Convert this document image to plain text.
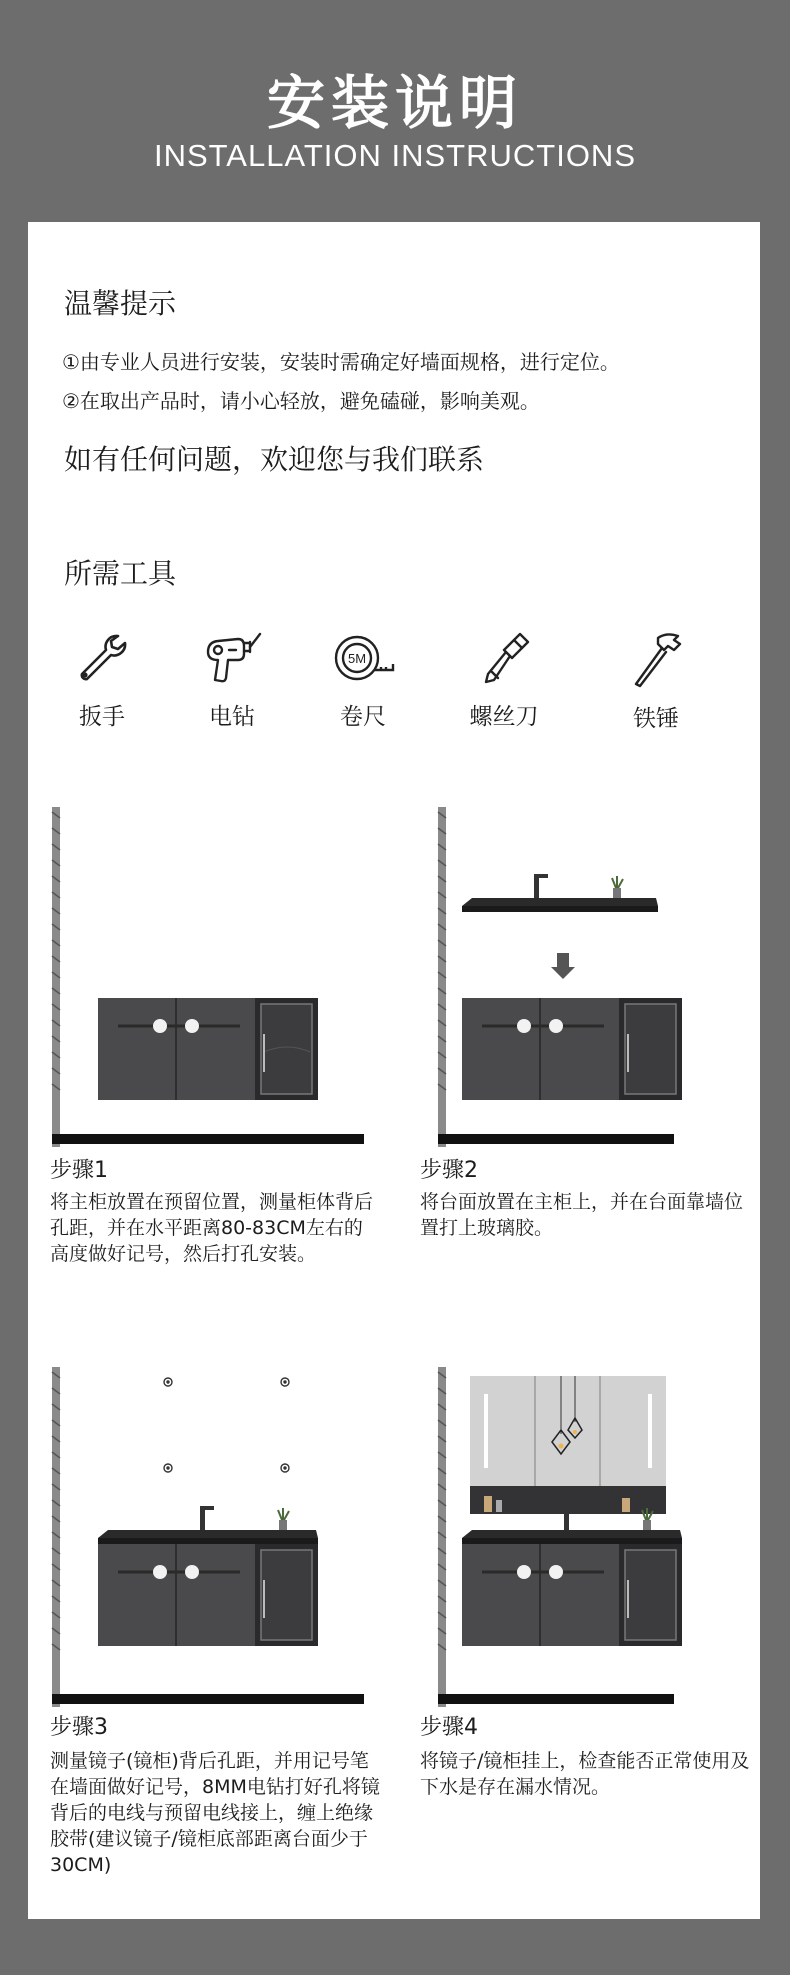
安装说明
INSTALLATION INSTRUCTIONS
温馨提示
①由专业人员进行安装，安装时需确定好墙面规格，进行定位。
②在取出产品时，请小心轻放，避免磕碰，影响美观。
如有任何问题，欢迎您与我们联系
所需工具
扳手	电钻
5M
卷尺	螺丝刀	铁锤
步骤1
将主柜放置在预留位置，测量柜体背后孔距，并在水平距离80-83CM左右的高度做好记号，然后打孔安装。
步骤2
将台面放置在主柜上，并在台面靠墙位置打上玻璃胶。
步骤3
测量镜子(镜柜)背后孔距，并用记号笔在墙面做好记号，8MM电钻打好孔将镜背后的电线与预留电线接上，缠上绝缘胶带(建议镜子/镜柜底部距离台面少于30CM)
步骤4
将镜子/镜柜挂上，检查能否正常使用及下水是存在漏水情况。
